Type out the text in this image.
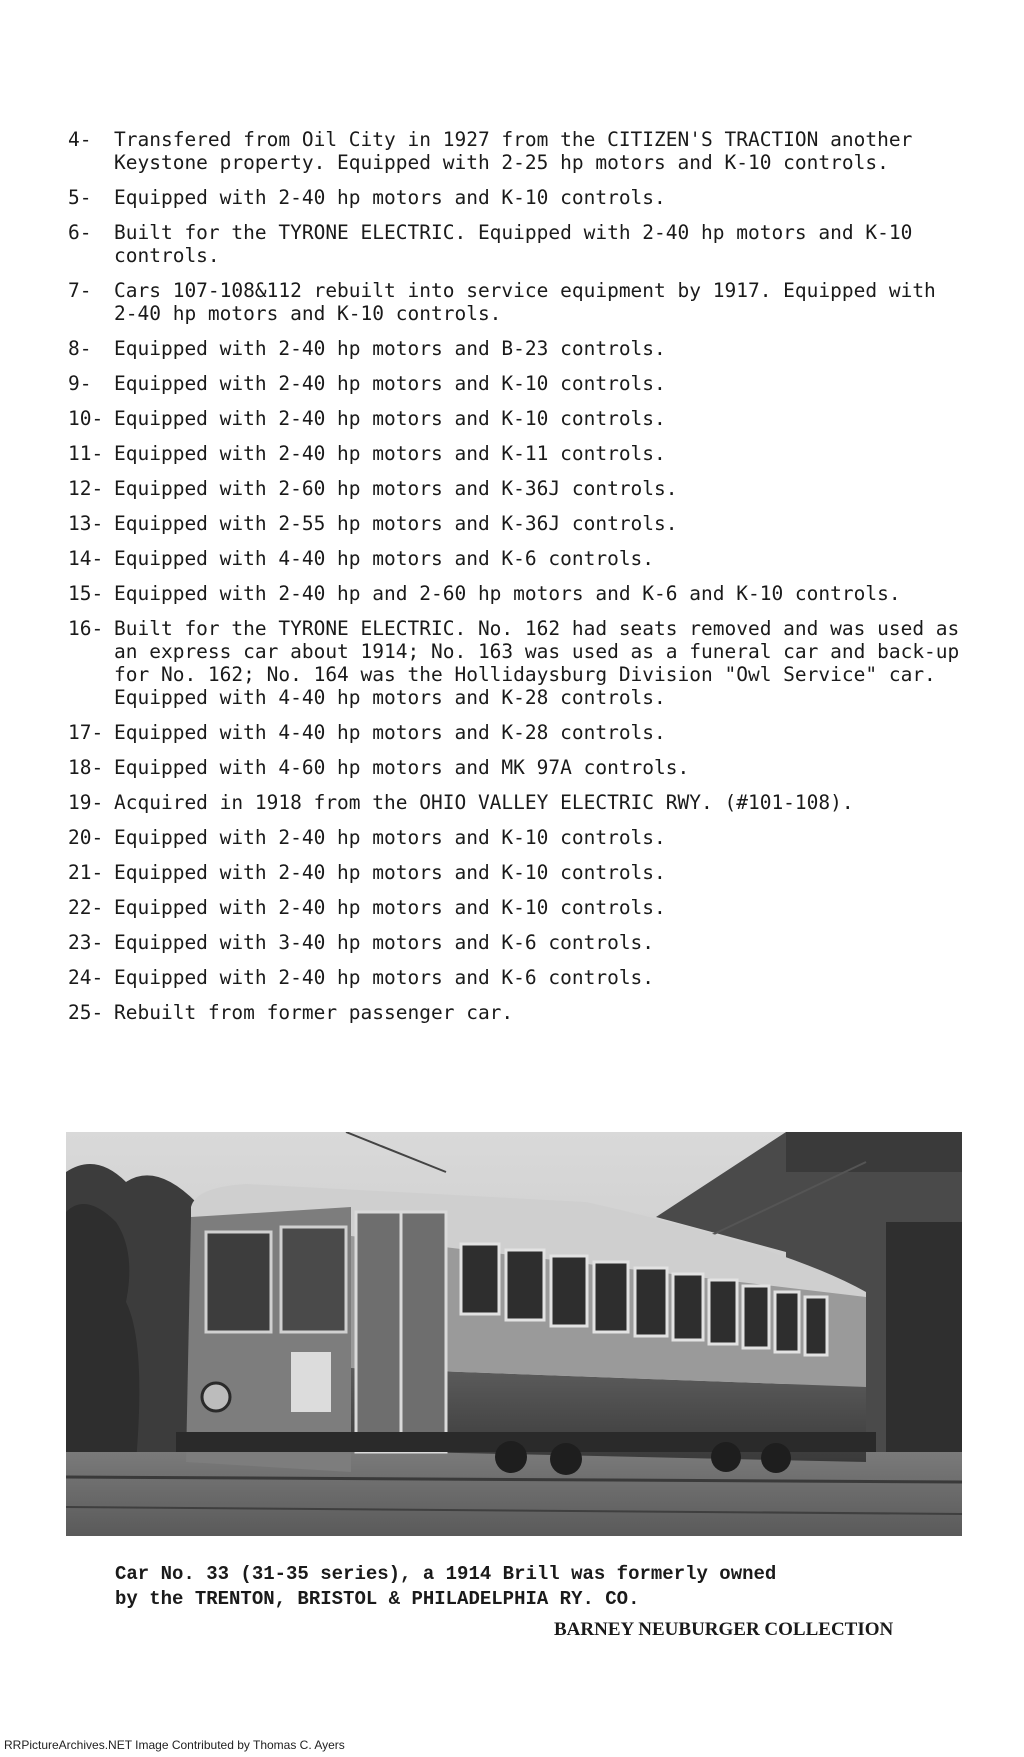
4-	Transfered from Oil City in 1927 from the CITIZEN'S TRACTION another
Keystone property. Equipped with 2-25 hp motors and K-10 controls.
5-	Equipped with 2-40 hp motors and K-10 controls.
6-	Built for the TYRONE ELECTRIC. Equipped with 2-40 hp motors and K-10
controls.
7-	Cars 107-108&112 rebuilt into service equipment by 1917. Equipped with
2-40 hp motors and K-10 controls.
8-	Equipped with 2-40 hp motors and B-23 controls.
9-	Equipped with 2-40 hp motors and K-10 controls.
10- Equipped with 2-40 hp motors and K-10 controls.
11- Equipped with 2-40 hp motors and K-11 controls.
12- Equipped with 2-60 hp motors and K-36J controls.
13- Equipped with 2-55 hp motors and K-36J controls.
14- Equipped with 4-40 hp motors and K-6 controls.
15- Equipped with 2-40 hp and 2-60 hp motors and K-6 and K-10 controls.
16- Built for the TYRONE ELECTRIC. No. 162 had seats removed and was used as
an express car about 1914; No. 163 was used as a funeral car and back-up
for No. 162; No. 164 was the Hollidaysburg Division "Owl Service" car.
Equipped with 4-40 hp motors and K-28 controls.
17- Equipped with 4-40 hp motors and K-28 controls.
18- Equipped with 4-60 hp motors and MK 97A controls.
19- Acquired in 1918 from the OHIO VALLEY ELECTRIC RWY. (#101-108).
20- Equipped with 2-40 hp motors and K-10 controls.
21- Equipped with 2-40 hp motors and K-10 controls.
22- Equipped with 2-40 hp motors and K-10 controls.
23- Equipped with 3-40 hp motors and K-6 controls.
24- Equipped with 2-40 hp motors and K-6 controls.
25- Rebuilt from former passenger car.
Car No. 33 (31-35 series), a 1914 Brill was formerly owned
by the TRENTON, BRISTOL & PHILADELPHIA RY. CO.
BARNEY NEUBURGER COLLECTION
RRPictureArchives.NET Image Contributed by Thomas C. Ayers
